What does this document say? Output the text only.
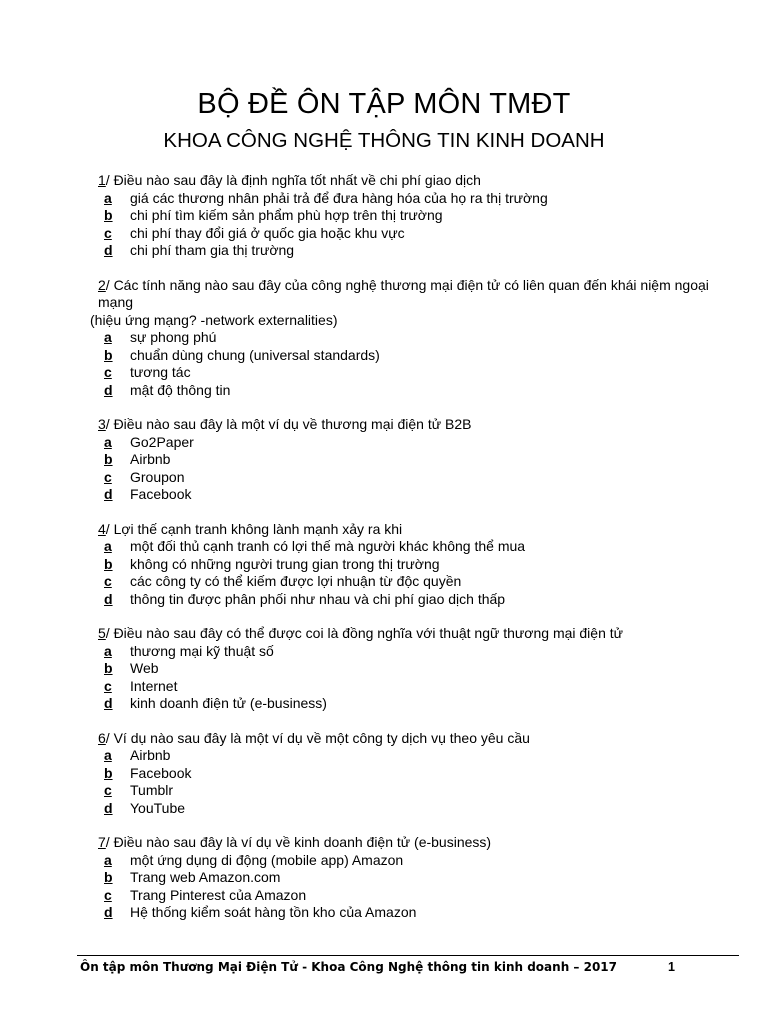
BỘ ĐỀ ÔN TẬP MÔN TMĐT
KHOA CÔNG NGHỆ THÔNG TIN KINH DOANH
1/ Điều nào sau đây là định nghĩa tốt nhất về chi phí giao dịch
a	giá các thương nhân phải trả để đưa hàng hóa của họ ra thị trường
b	chi phí tìm kiếm sản phẩm phù hợp trên thị trường
c	chi phí thay đổi giá ở quốc gia hoặc khu vực
d	chi phí tham gia thị trường
2/ Các tính năng nào sau đây của công nghệ thương mại điện tử có liên quan đến khái niệm ngoại mạng
(hiệu ứng mạng? -network externalities)
a	sự phong phú
b	chuẩn dùng chung (universal standards)
c	tương tác
d	mật độ thông tin
3/ Điều nào sau đây là một ví dụ về thương mại điện tử B2B
a	Go2Paper
b	Airbnb
c	Groupon
d	Facebook
4/ Lợi thế cạnh tranh không lành mạnh xảy ra khi
a	một đối thủ cạnh tranh có lợi thế mà người khác không thể mua
b	không có những người trung gian trong thị trường
c	các công ty có thể kiếm được lợi nhuận từ độc quyền
d	thông tin được phân phối như nhau và chi phí giao dịch thấp
5/ Điều nào sau đây có thể được coi là đồng nghĩa với thuật ngữ thương mại điện tử
a	thương mại kỹ thuật số
b	Web
c	Internet
d	kinh doanh điện tử (e-business)
6/ Ví dụ nào sau đây là một ví dụ về một công ty dịch vụ theo yêu cầu
a	Airbnb
b	Facebook
c	Tumblr
d	YouTube
7/ Điều nào sau đây là ví dụ về kinh doanh điện tử (e-business)
a	một ứng dụng di động (mobile app) Amazon
b	Trang web Amazon.com
c	Trang Pinterest của Amazon
d	Hệ thống kiểm soát hàng tồn kho của Amazon
Ôn tập môn Thương Mại Điện Tử - Khoa Công Nghệ thông tin kinh doanh – 2017	1
